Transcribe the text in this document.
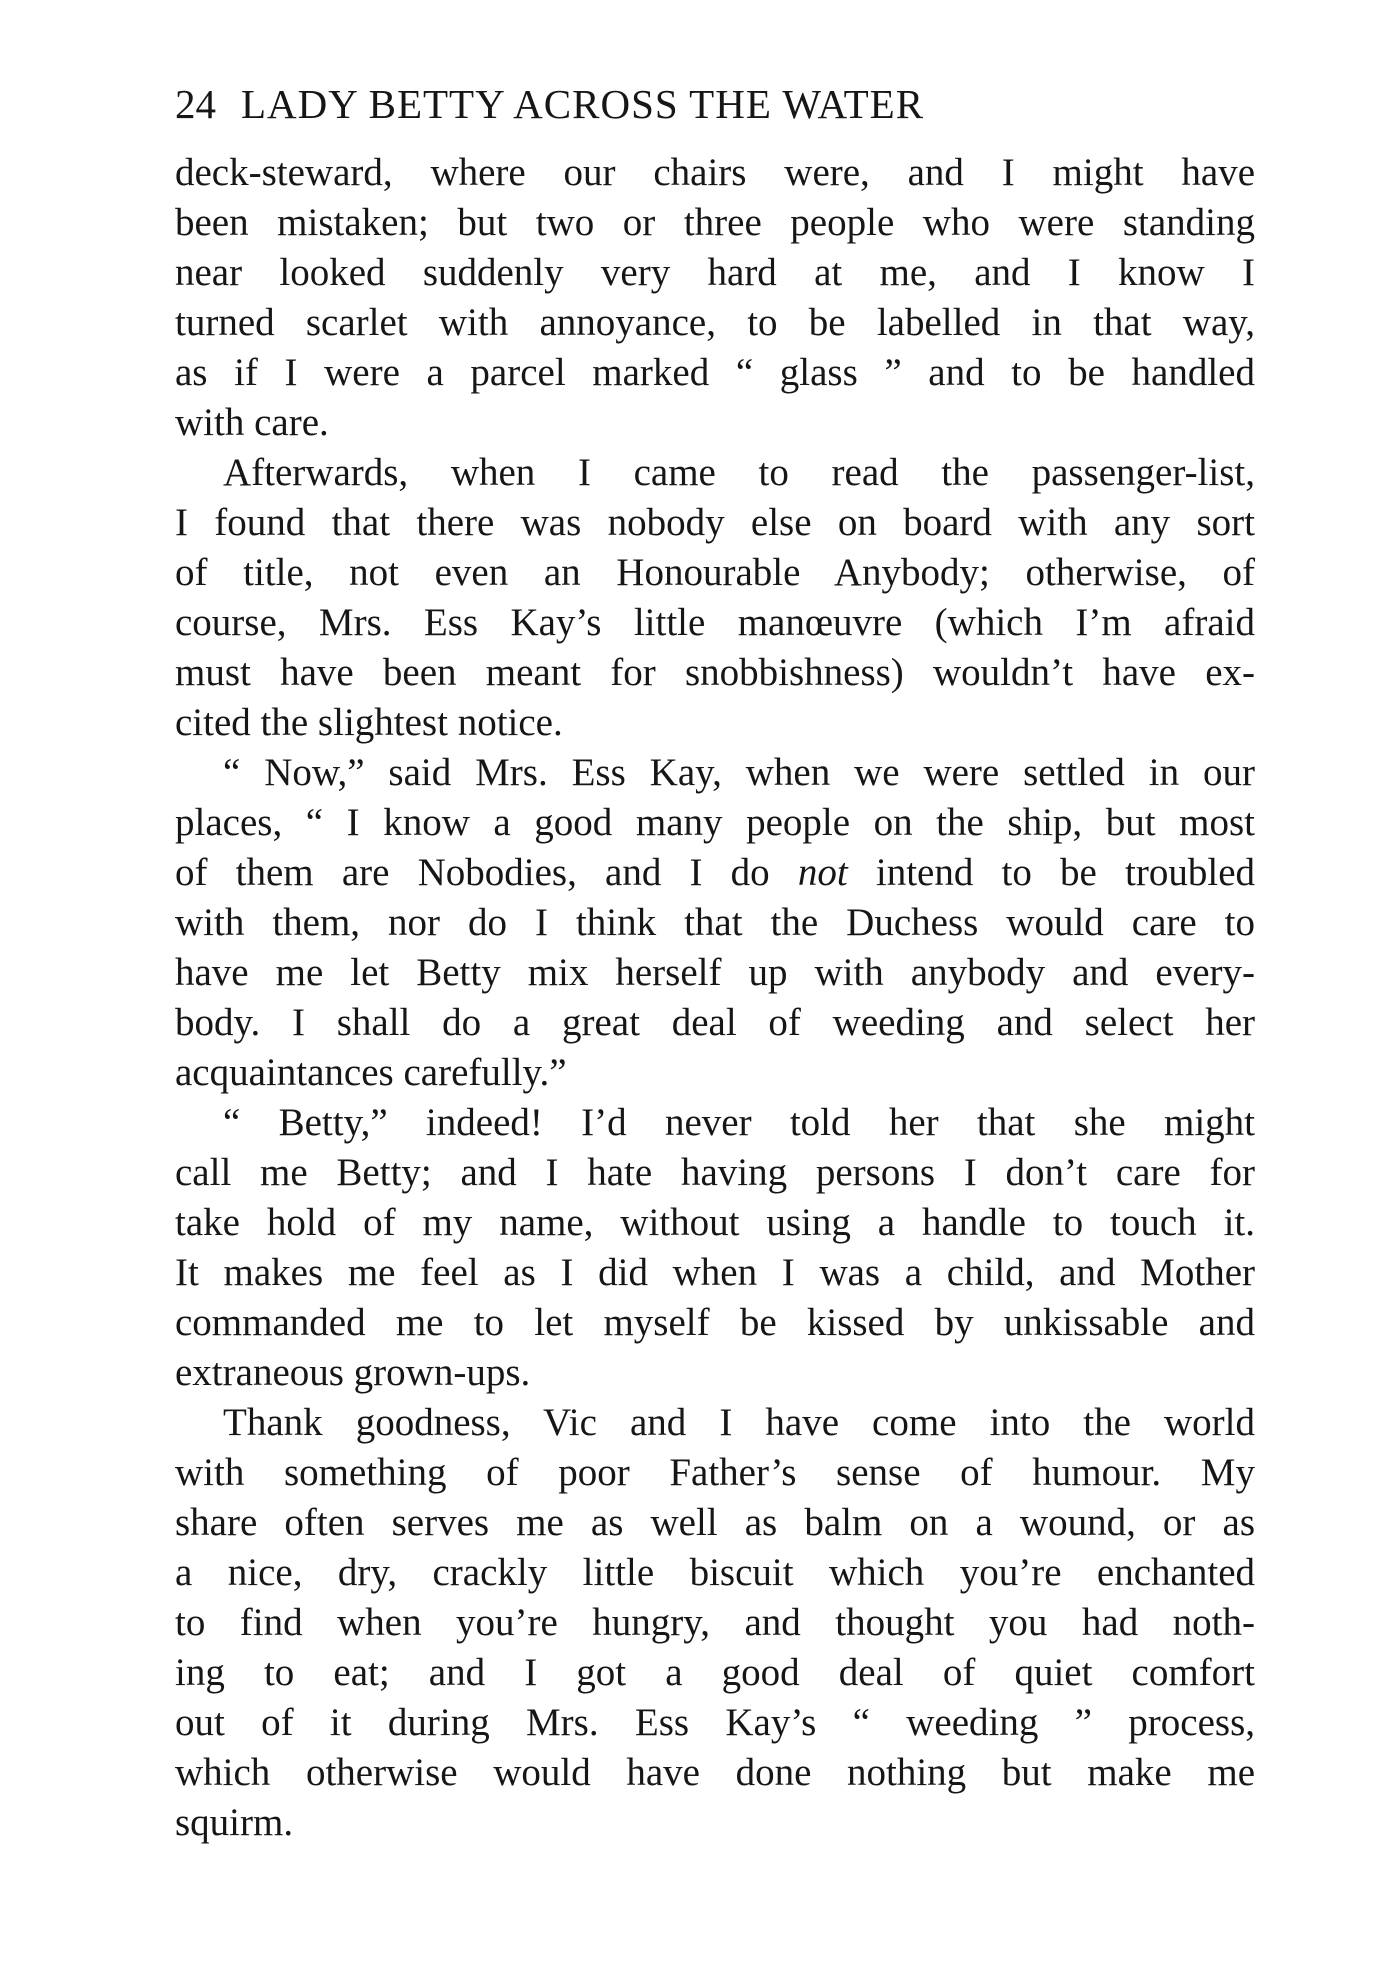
24 LADY BETTY ACROSS THE WATER
deck-steward, where our chairs were, and I might have
been mistaken; but two or three people who were standing
near looked suddenly very hard at me, and I know I
turned scarlet with annoyance, to be labelled in that way,
as if I were a parcel marked “ glass ” and to be handled
with care.
Afterwards, when I came to read the passenger-list,
I found that there was nobody else on board with any sort
of title, not even an Honourable Anybody; otherwise, of
course, Mrs. Ess Kay’s little manœuvre (which I’m afraid
must have been meant for snobbishness) wouldn’t have ex-
cited the slightest notice.
“ Now,” said Mrs. Ess Kay, when we were settled in our
places, “ I know a good many people on the ship, but most
of them are Nobodies, and I do not intend to be troubled
with them, nor do I think that the Duchess would care to
have me let Betty mix herself up with anybody and every-
body. I shall do a great deal of weeding and select her
acquaintances carefully.”
“ Betty,” indeed! I’d never told her that she might
call me Betty; and I hate having persons I don’t care for
take hold of my name, without using a handle to touch it.
It makes me feel as I did when I was a child, and Mother
commanded me to let myself be kissed by unkissable and
extraneous grown-ups.
Thank goodness, Vic and I have come into the world
with something of poor Father’s sense of humour. My
share often serves me as well as balm on a wound, or as
a nice, dry, crackly little biscuit which you’re enchanted
to find when you’re hungry, and thought you had noth-
ing to eat; and I got a good deal of quiet comfort
out of it during Mrs. Ess Kay’s “ weeding ” process,
which otherwise would have done nothing but make me
squirm.
